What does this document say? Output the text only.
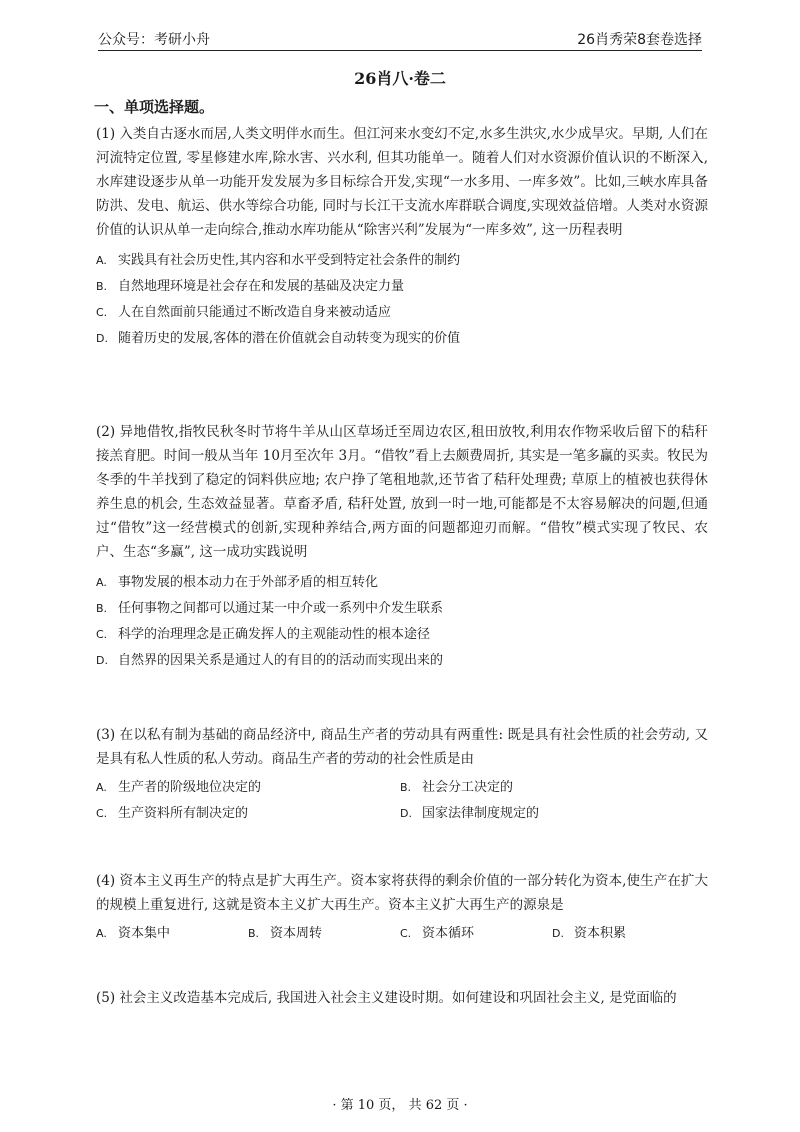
公众号：考研小舟	26肖秀荣8套卷选择
26肖八·卷二
一、单项选择题。

(1) 入类自古逐水而居,人类文明伴水而生。但江河来水变幻不定,水多生洪灾,水少成旱灾。早期, 人们在河流特定位置, 零星修建水库,除水害、兴水利, 但其功能单一。随着人们对水资源价值认识的不断深入,水库建设逐步从单一功能开发发展为多目标综合开发,实现“一水多用、一库多效”。比如,三峡水库具备防洪、发电、航运、供水等综合功能, 同时与长江干支流水库群联合调度,实现效益倍增。人类对水资源价值的认识从单一走向综合,推动水库功能从“除害兴利”发展为“一库多效”, 这一历程表明

A. 实践具有社会历史性,其内容和水平受到特定社会条件的制约
B. 自然地理环境是社会存在和发展的基础及决定力量
C. 人在自然面前只能通过不断改造自身来被动适应
D. 随着历史的发展,客体的潜在价值就会自动转变为现实的价值

(2) 异地借牧,指牧民秋冬时节将牛羊从山区草场迁至周边农区,租田放牧,利用农作物采收后留下的秸秆接羔育肥。时间一般从当年 10月至次年 3月。“借牧”看上去颇费周折, 其实是一笔多赢的买卖。牧民为冬季的牛羊找到了稳定的饲料供应地; 农户挣了笔租地款,还节省了秸秆处理费; 草原上的植被也获得休养生息的机会, 生态效益显著。草畜矛盾, 秸秆处置, 放到一时一地,可能都是不太容易解决的问题,但通过“借牧”这一经营模式的创新,实现种养结合,两方面的问题都迎刃而解。“借牧”模式实现了牧民、农户、生态“多赢”, 这一成功实践说明

A. 事物发展的根本动力在于外部矛盾的相互转化
B. 任何事物之间都可以通过某一中介或一系列中介发生联系
C. 科学的治理理念是正确发挥人的主观能动性的根本途径
D. 自然界的因果关系是通过人的有目的的活动而实现出来的

(3) 在以私有制为基础的商品经济中, 商品生产者的劳动具有两重性: 既是具有社会性质的社会劳动, 又是具有私人性质的私人劳动。商品生产者的劳动的社会性质是由

A. 生产者的阶级地位决定的	B. 社会分工决定的
C. 生产资料所有制决定的	D. 国家法律制度规定的

(4) 资本主义再生产的特点是扩大再生产。资本家将获得的剩余价值的一部分转化为资本,使生产在扩大的规模上重复进行, 这就是资本主义扩大再生产。资本主义扩大再生产的源泉是

A. 资本集中	B. 资本周转	C. 资本循环	D. 资本积累

(5) 社会主义改造基本完成后, 我国进入社会主义建设时期。如何建设和巩固社会主义, 是党面临的

· 第 10 页， 共 62 页 ·
